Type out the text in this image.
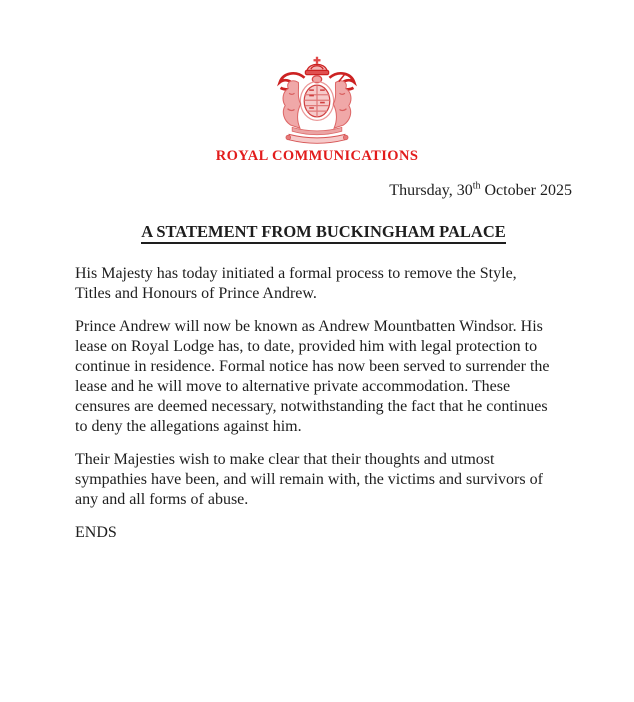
ROYAL COMMUNICATIONS
Thursday, 30th October 2025
A STATEMENT FROM BUCKINGHAM PALACE
His Majesty has today initiated a formal process to remove the Style,
Titles and Honours of Prince Andrew.
Prince Andrew will now be known as Andrew Mountbatten Windsor. His
lease on Royal Lodge has, to date, provided him with legal protection to
continue in residence. Formal notice has now been served to surrender the
lease and he will move to alternative private accommodation. These
censures are deemed necessary, notwithstanding the fact that he continues
to deny the allegations against him.
Their Majesties wish to make clear that their thoughts and utmost
sympathies have been, and will remain with, the victims and survivors of
any and all forms of abuse.
ENDS
